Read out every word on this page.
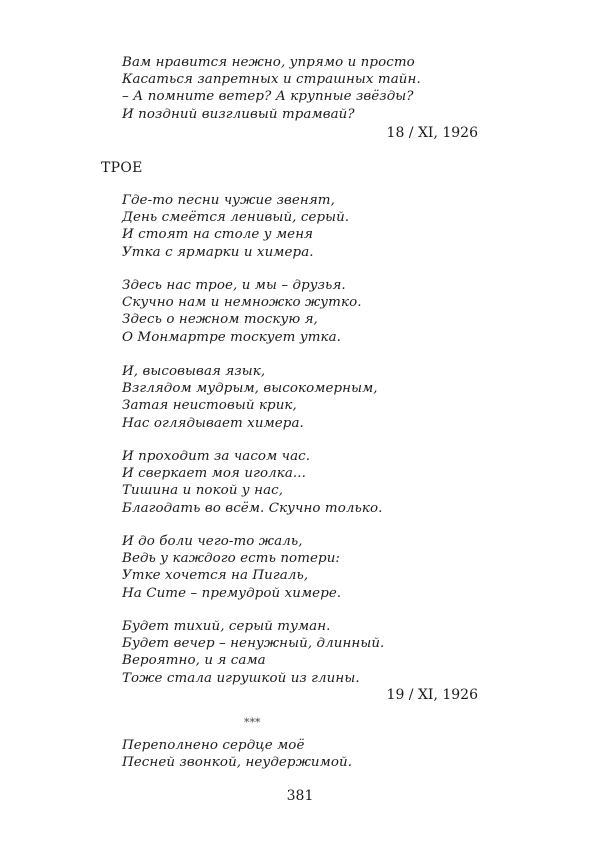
Вам нравится нежно, упрямо и просто
Касаться запретных и страшных тайн.
– А помните ветер? А крупные звёзды?
И поздний визгливый трамвай?
18 / XI, 1926
ТРОЕ
Где-то песни чужие звенят,
День смеётся ленивый, серый.
И стоят на столе у меня
Утка с ярмарки и химера.
Здесь нас трое, и мы – друзья.
Скучно нам и немножко жутко.
Здесь о нежном тоскую я,
О Монмартре тоскует утка.
И, высовывая язык,
Взглядом мудрым, высокомерным,
Затая неистовый крик,
Нас оглядывает химера.
И проходит за часом час.
И сверкает моя иголка...
Тишина и покой у нас,
Благодать во всём. Скучно только.
И до боли чего-то жаль,
Ведь у каждого есть потери:
Утке хочется на Пигаль,
На Сите – премудрой химере.
Будет тихий, серый туман.
Будет вечер – ненужный, длинный.
Вероятно, и я сама
Тоже стала игрушкой из глины.
19 / XI, 1926
***
Переполнено сердце моё
Песней звонкой, неудержимой.
381
